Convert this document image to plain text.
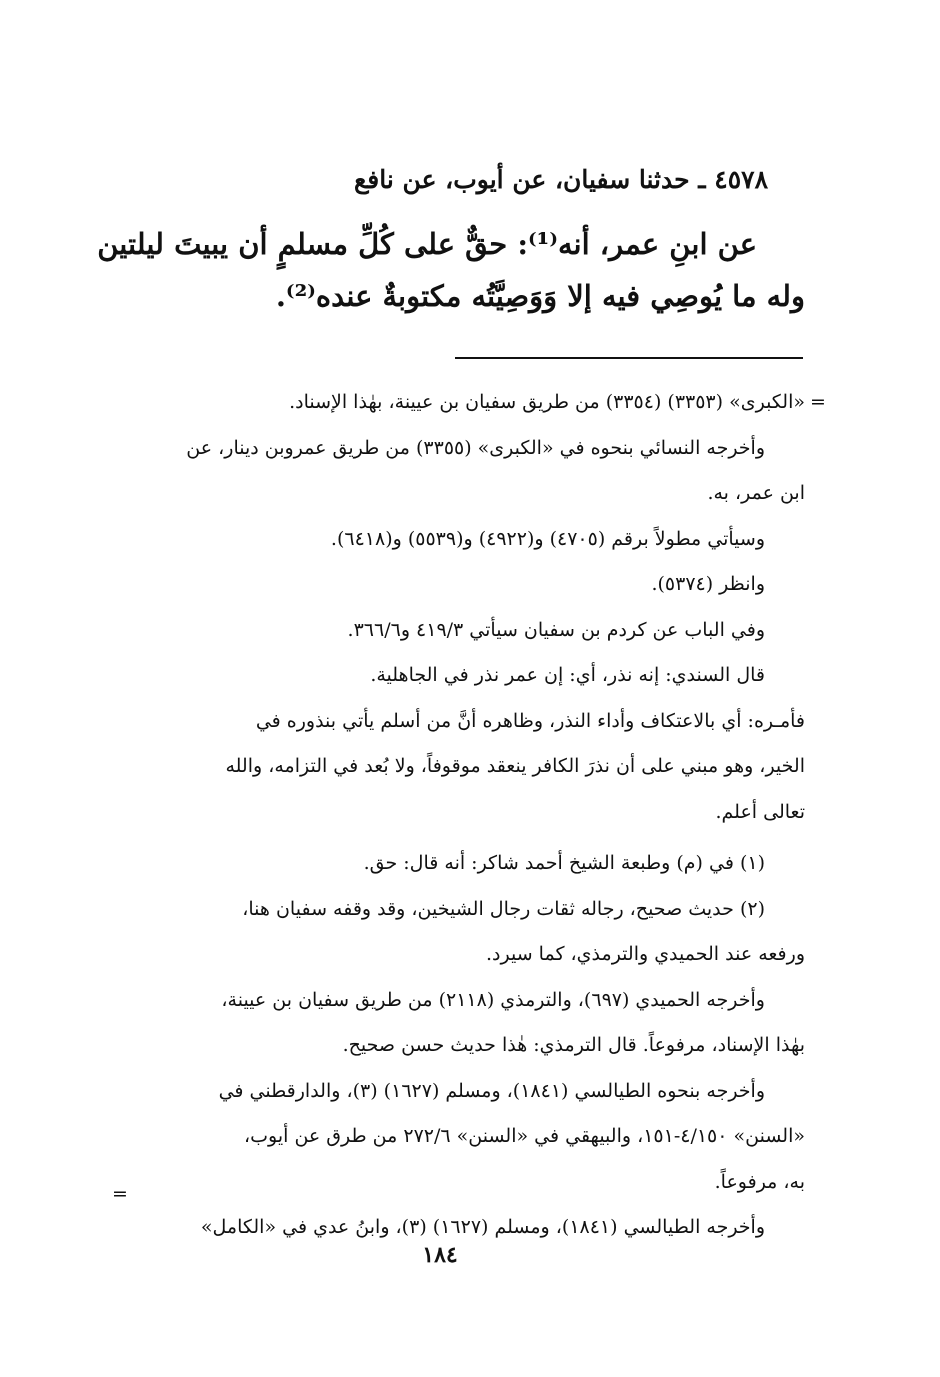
٤٥٧٨ ـ حدثنا سفيان، عن أيوب، عن نافع
عن ابنِ عمر، أنه⁽¹⁾: حقٌّ على كُلِّ مسلمٍ أن يبيتَ ليلتين
وله ما يُوصِي فيه إلا وَوَصِيَّتُه مكتوبةٌ عنده⁽²⁾.
=

«الكبرى» (٣٣٥٣) (٣٣٥٤) من طريق سفيان بن عيينة، بهٰذا الإسناد.

وأخرجه النسائي بنحوه في «الكبرى» (٣٣٥٥) من طريق عمروبن دينار، عن

ابن عمر، به.

وسيأتي مطولاً برقم (٤٧٠٥) و(٤٩٢٢) و(٥٥٣٩) و(٦٤١٨).

وانظر (٥٣٧٤).

وفي الباب عن كردم بن سفيان سيأتي ٤١٩/٣ و٣٦٦/٦.

قال السندي: إنه نذر، أي: إن عمر نذر في الجاهلية.

فأمـره: أي بالاعتكاف وأداء النذر، وظاهره أنَّ من أسلم يأتي بنذوره في

الخير، وهو مبني على أن نذرَ الكافر ينعقد موقوفاً، ولا بُعد في التزامه، والله

تعالى أعلم.

(١) في (م) وطبعة الشيخ أحمد شاكر: أنه قال: حق.

(٢) حديث صحيح، رجاله ثقات رجال الشيخين، وقد وقفه سفيان هنا،

ورفعه عند الحميدي والترمذي، كما سيرد.

وأخرجه الحميدي (٦٩٧)، والترمذي (٢١١٨) من طريق سفيان بن عيينة،

بهٰذا الإسناد، مرفوعاً. قال الترمذي: هٰذا حديث حسن صحيح.

وأخرجه بنحوه الطيالسي (١٨٤١)، ومسلم (١٦٢٧) (٣)، والدارقطني في

«السنن» ٤/١٥٠-١٥١، والبيهقي في «السنن» ٢٧٢/٦ من طرق عن أيوب،

به، مرفوعاً.

وأخرجه الطيالسي (١٨٤١)، ومسلم (١٦٢٧) (٣)، وابنُ عدي في «الكامل»

=
١٨٤
